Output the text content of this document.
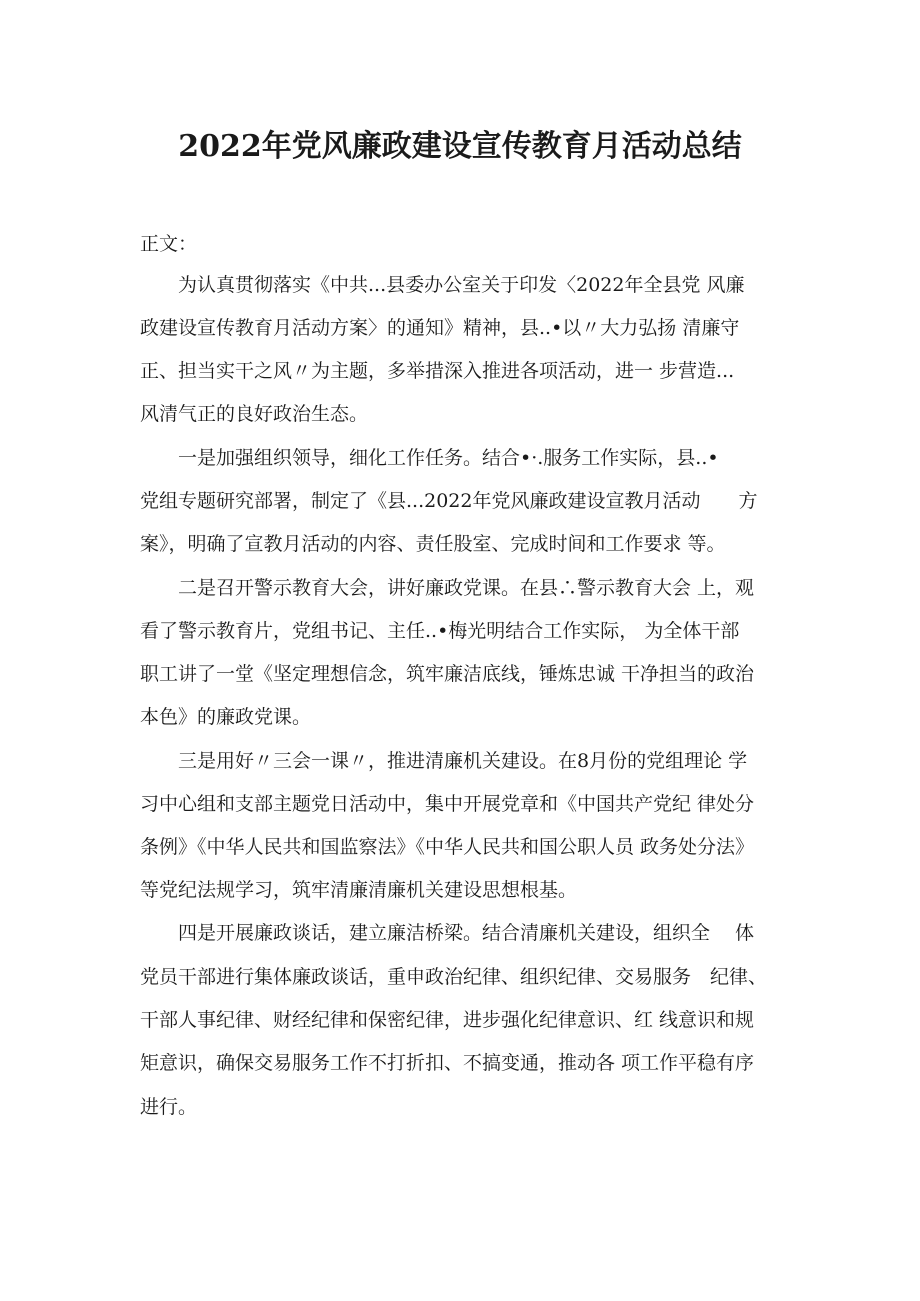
2022年党风廉政建设宣传教育月活动总结
正文：
为认真贯彻落实《中共...县委办公室关于印发〈2022年全县党 风廉
政建设宣传教育月活动方案〉的通知》精神，县..•以〃大力弘扬 清廉守
正、担当实干之风〃为主题，多举措深入推进各项活动，进一 步营造...
风清气正的良好政治生态。
一是加强组织领导，细化工作任务。结合•·.服务工作实际，县..•
党组专题研究部署，制定了《县...2022年党风廉政建设宣教月活动　　方
案》，明确了宣教月活动的内容、责任股室、完成时间和工作要求 等。
二是召开警示教育大会，讲好廉政党课。在县∴警示教育大会 上，观
看了警示教育片，党组书记、主任..•梅光明结合工作实际， 为全体干部
职工讲了一堂《坚定理想信念，筑牢廉洁底线，锤炼忠诚 干净担当的政治
本色》的廉政党课。
三是用好〃三会一课〃，推进清廉机关建设。在8月份的党组理论 学
习中心组和支部主题党日活动中，集中开展党章和《中国共产党纪 律处分
条例》《中华人民共和国监察法》《中华人民共和国公职人员 政务处分法》
等党纪法规学习，筑牢清廉清廉机关建设思想根基。
四是开展廉政谈话，建立廉洁桥梁。结合清廉机关建设，组织全　 体
党员干部进行集体廉政谈话，重申政治纪律、组织纪律、交易服务　纪律、
干部人事纪律、财经纪律和保密纪律，进步强化纪律意识、红 线意识和规
矩意识，确保交易服务工作不打折扣、不搞变通，推动各 项工作平稳有序
进行。
